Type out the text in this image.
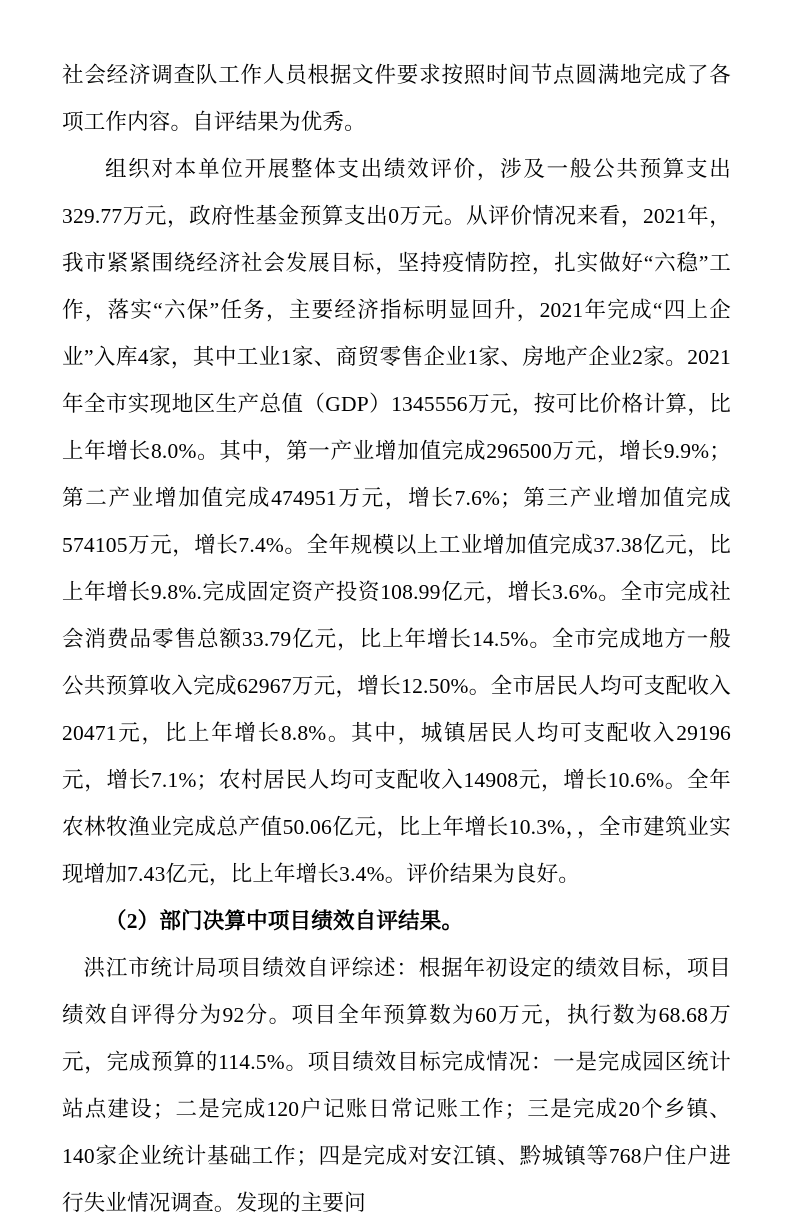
社会经济调查队工作人员根据文件要求按照时间节点圆满地完成了各项工作内容。自评结果为优秀。

组织对本单位开展整体支出绩效评价，涉及一般公共预算支出329.77万元，政府性基金预算支出0万元。从评价情况来看，2021年，我市紧紧围绕经济社会发展目标，坚持疫情防控，扎实做好“六稳”工作，落实“六保”任务，主要经济指标明显回升，2021年完成“四上企业”入库4家，其中工业1家、商贸零售企业1家、房地产企业2家。2021年全市实现地区生产总值（GDP）1345556万元，按可比价格计算，比上年增长8.0%。其中，第一产业增加值完成296500万元，增长9.9%；第二产业增加值完成474951万元，增长7.6%；第三产业增加值完成574105万元，增长7.4%。全年规模以上工业增加值完成37.38亿元，比上年增长9.8%.完成固定资产投资108.99亿元，增长3.6%。全市完成社会消费品零售总额33.79亿元，比上年增长14.5%。全市完成地方一般公共预算收入完成62967万元，增长12.50%。全市居民人均可支配收入20471元，比上年增长8.8%。其中，城镇居民人均可支配收入29196元，增长7.1%；农村居民人均可支配收入14908元，增长10.6%。全年农林牧渔业完成总产值50.06亿元，比上年增长10.3%，，全市建筑业实现增加7.43亿元，比上年增长3.4%。评价结果为良好。

（2）部门决算中项目绩效自评结果。

洪江市统计局项目绩效自评综述：根据年初设定的绩效目标，项目绩效自评得分为92分。项目全年预算数为60万元，执行数为68.68万元，完成预算的114.5%。项目绩效目标完成情况：一是完成园区统计站点建设；二是完成120户记账日常记账工作；三是完成20个乡镇、140家企业统计基础工作；四是完成对安江镇、黔城镇等768户住户进行失业情况调查。发现的主要问
